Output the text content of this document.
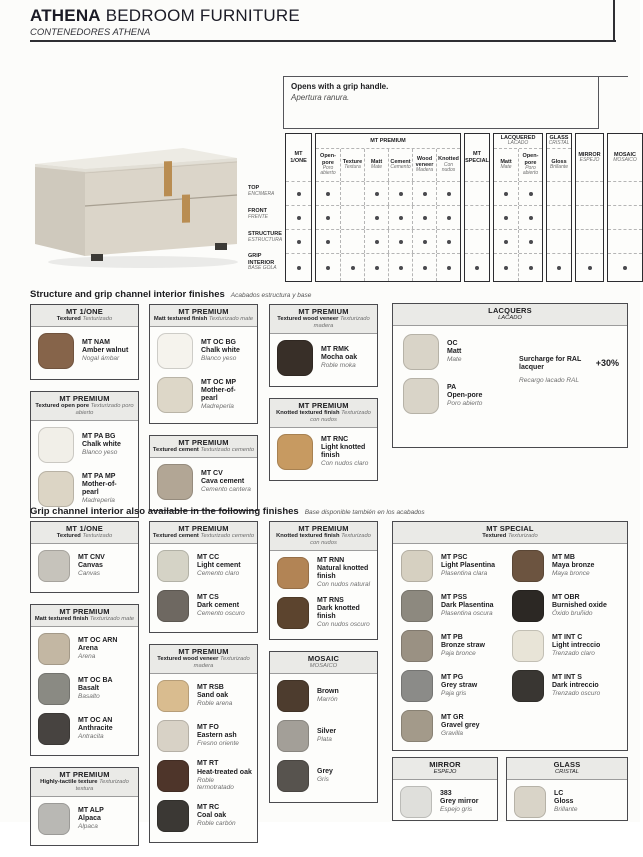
ATHENA BEDROOM FURNITURE
CONTENEDORES ATHENA
Opens with a grip handle.
Apertura ranura.
TOP
ENCIMERA
FRONT
FRENTE
STRUCTURE
ESTRUCTURA
GRIP INTERIOR
BASE GOLA
MT
1/ONE
MT PREMIUM
Open-pore
Poro abierto
Texture
Textura
Matt
Mate
Cement
Cemento
Wood veneer
Madera
Knotted
Con nudos
MT
SPECIAL
LACQUERED
LACADO
Matt
Mate
Open-pore
Poro abierto
GLASS
CRISTAL
Gloss
Brillante
MIRROR
ESPEJO
MOSAIC
MOSAICO
Structure and grip channel interior finishes Acabados estructura y base
MT 1/ONE
Textured Texturizado
MT NAM
Amber walnut
Nogal ámbar
MT PREMIUM
Textured open pore Texturizado poro abierto
MT PA BG
Chalk white
Blanco yeso
MT PA MP
Mother-of-pearl
Madreperla
MT PREMIUM
Matt textured finish Texturizado mate
MT OC BG
Chalk white
Blanco yeso
MT OC MP
Mother-of-pearl
Madreperla
MT PREMIUM
Textured cement Texturizado cemento
MT CV
Cava cement
Cemento cantera
MT PREMIUM
Textured wood veneer Texturizado madera
MT RMK
Mocha oak
Roble moka
MT PREMIUM
Knotted textured finish Texturizado con nudos
MT RNC
Light knotted finish
Con nudos claro
LACQUERS
LACADO
OC
Matt
Mate
PA
Open-pore
Poro abierto
Surcharge for RAL lacquer
Recargo lacado RAL
+30%
Grip channel interior also available in the following finishes Base disponible también en los acabados
MT 1/ONE
Textured Texturizado
MT CNV
Canvas
Canvas
MT PREMIUM
Matt textured finish Texturizado mate
MT OC ARN
Arena
Arena
MT OC BA
Basalt
Basalto
MT OC AN
Anthracite
Antracita
MT PREMIUM
Highly-tactile texture Texturizado textura
MT ALP
Alpaca
Alpaca
MT PREMIUM
Textured cement Texturizado cemento
MT CC
Light cement
Cemento claro
MT CS
Dark cement
Cemento oscuro
MT PREMIUM
Textured wood veneer Texturizado madera
MT RSB
Sand oak
Roble arena
MT FO
Eastern ash
Fresno oriente
MT RT
Heat-treated oak
Roble termotratado
MT RC
Coal oak
Roble carbón
MT PREMIUM
Knotted textured finish Texturizado con nudos
MT RNN
Natural knotted finish
Con nudos natural
MT RNS
Dark knotted finish
Con nudos oscuro
MOSAIC
MOSAICO
Brown
Marrón
Silver
Plata
Grey
Gris
MT SPECIAL
Textured Texturizado
MT PSC
Light Plasentina
Plasentina clara
MT PSS
Dark Plasentina
Plasentina oscura
MT PB
Bronze straw
Paja bronce
MT PG
Grey straw
Paja gris
MT GR
Gravel grey
Gravilla
MT MB
Maya bronze
Maya bronce
MT OBR
Burnished oxide
Óxido bruñido
MT INT C
Light intreccio
Trenzado claro
MT INT S
Dark intreccio
Trenzado oscuro
MIRROR
ESPEJO
383
Grey mirror
Espejo gris
GLASS
CRISTAL
LC
Gloss
Brillante
